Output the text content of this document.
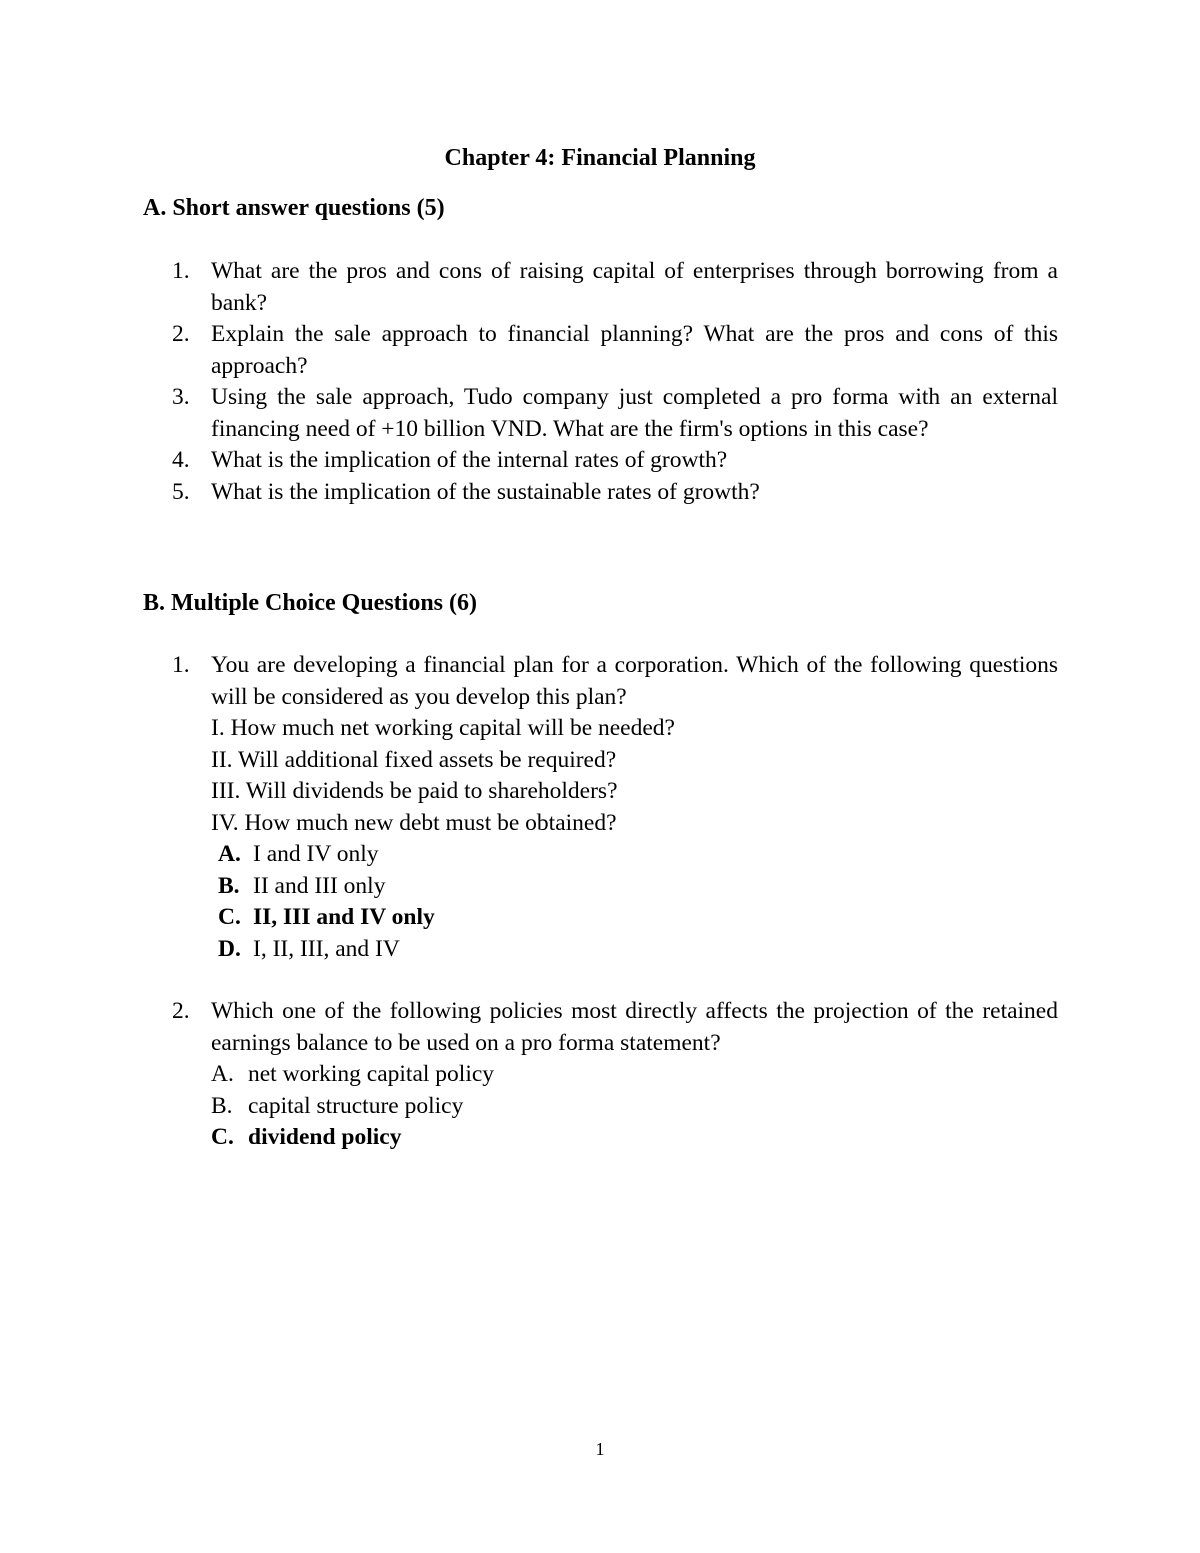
Chapter 4: Financial Planning
A. Short answer questions (5)
1. What are the pros and cons of raising capital of enterprises through borrowing from a bank?
2. Explain the sale approach to financial planning? What are the pros and cons of this approach?
3. Using the sale approach, Tudo company just completed a pro forma with an external financing need of +10 billion VND. What are the firm's options in this case?
4. What is the implication of the internal rates of growth?
5. What is the implication of the sustainable rates of growth?
B. Multiple Choice Questions (6)
1. You are developing a financial plan for a corporation. Which of the following questions will be considered as you develop this plan?
I. How much net working capital will be needed?
II. Will additional fixed assets be required?
III. Will dividends be paid to shareholders?
IV. How much new debt must be obtained?
A. I and IV only
B. II and III only
C. II, III and IV only
D. I, II, III, and IV
2. Which one of the following policies most directly affects the projection of the retained earnings balance to be used on a pro forma statement?
A. net working capital policy
B. capital structure policy
C. dividend policy
1
